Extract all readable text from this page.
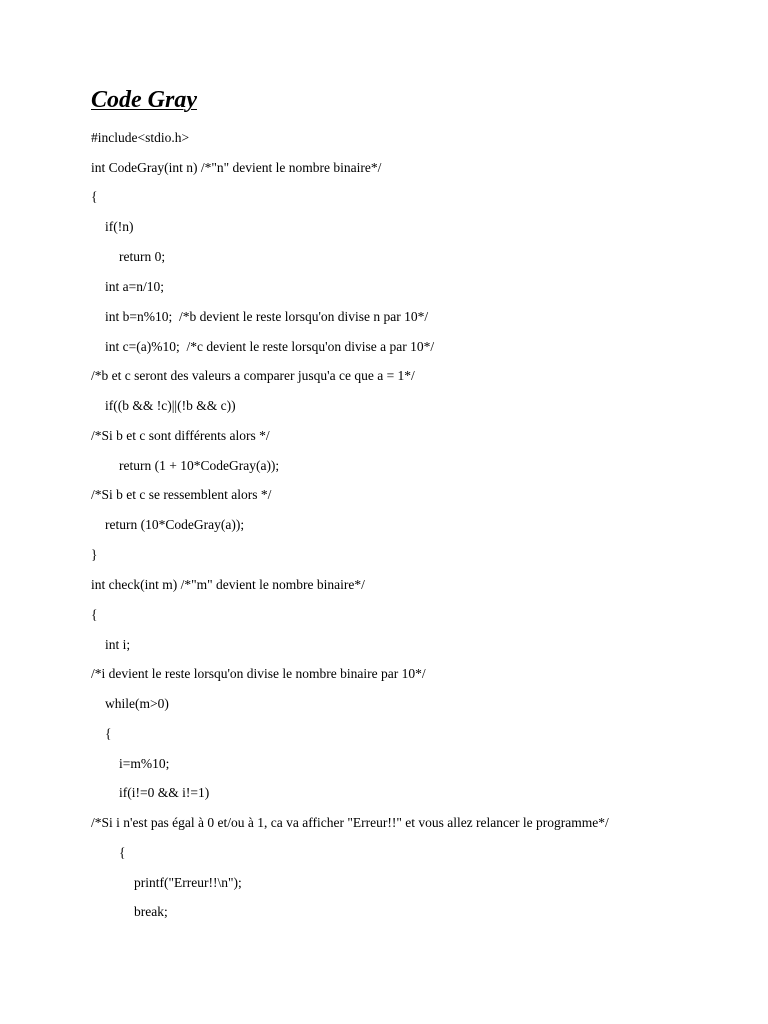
Code Gray
#include<stdio.h>
int CodeGray(int n) /*"n" devient le nombre binaire*/
{
if(!n)
return 0;
int a=n/10;
int b=n%10;  /*b devient le reste lorsqu'on divise n par 10*/
int c=(a)%10;  /*c devient le reste lorsqu'on divise a par 10*/
/*b et c seront des valeurs a comparer jusqu'a ce que a = 1*/
if((b && !c)||(!b && c))
/*Si b et c sont différents alors */
return (1 + 10*CodeGray(a));
/*Si b et c se ressemblent alors */
return (10*CodeGray(a));
}
int check(int m) /*"m" devient le nombre binaire*/
{
int i;
/*i devient le reste lorsqu'on divise le nombre binaire par 10*/
while(m>0)
{
i=m%10;
if(i!=0 && i!=1)
/*Si i n'est pas égal à 0 et/ou à 1, ca va afficher "Erreur!!" et vous allez relancer le programme*/
{
printf("Erreur!!\n");
break;
